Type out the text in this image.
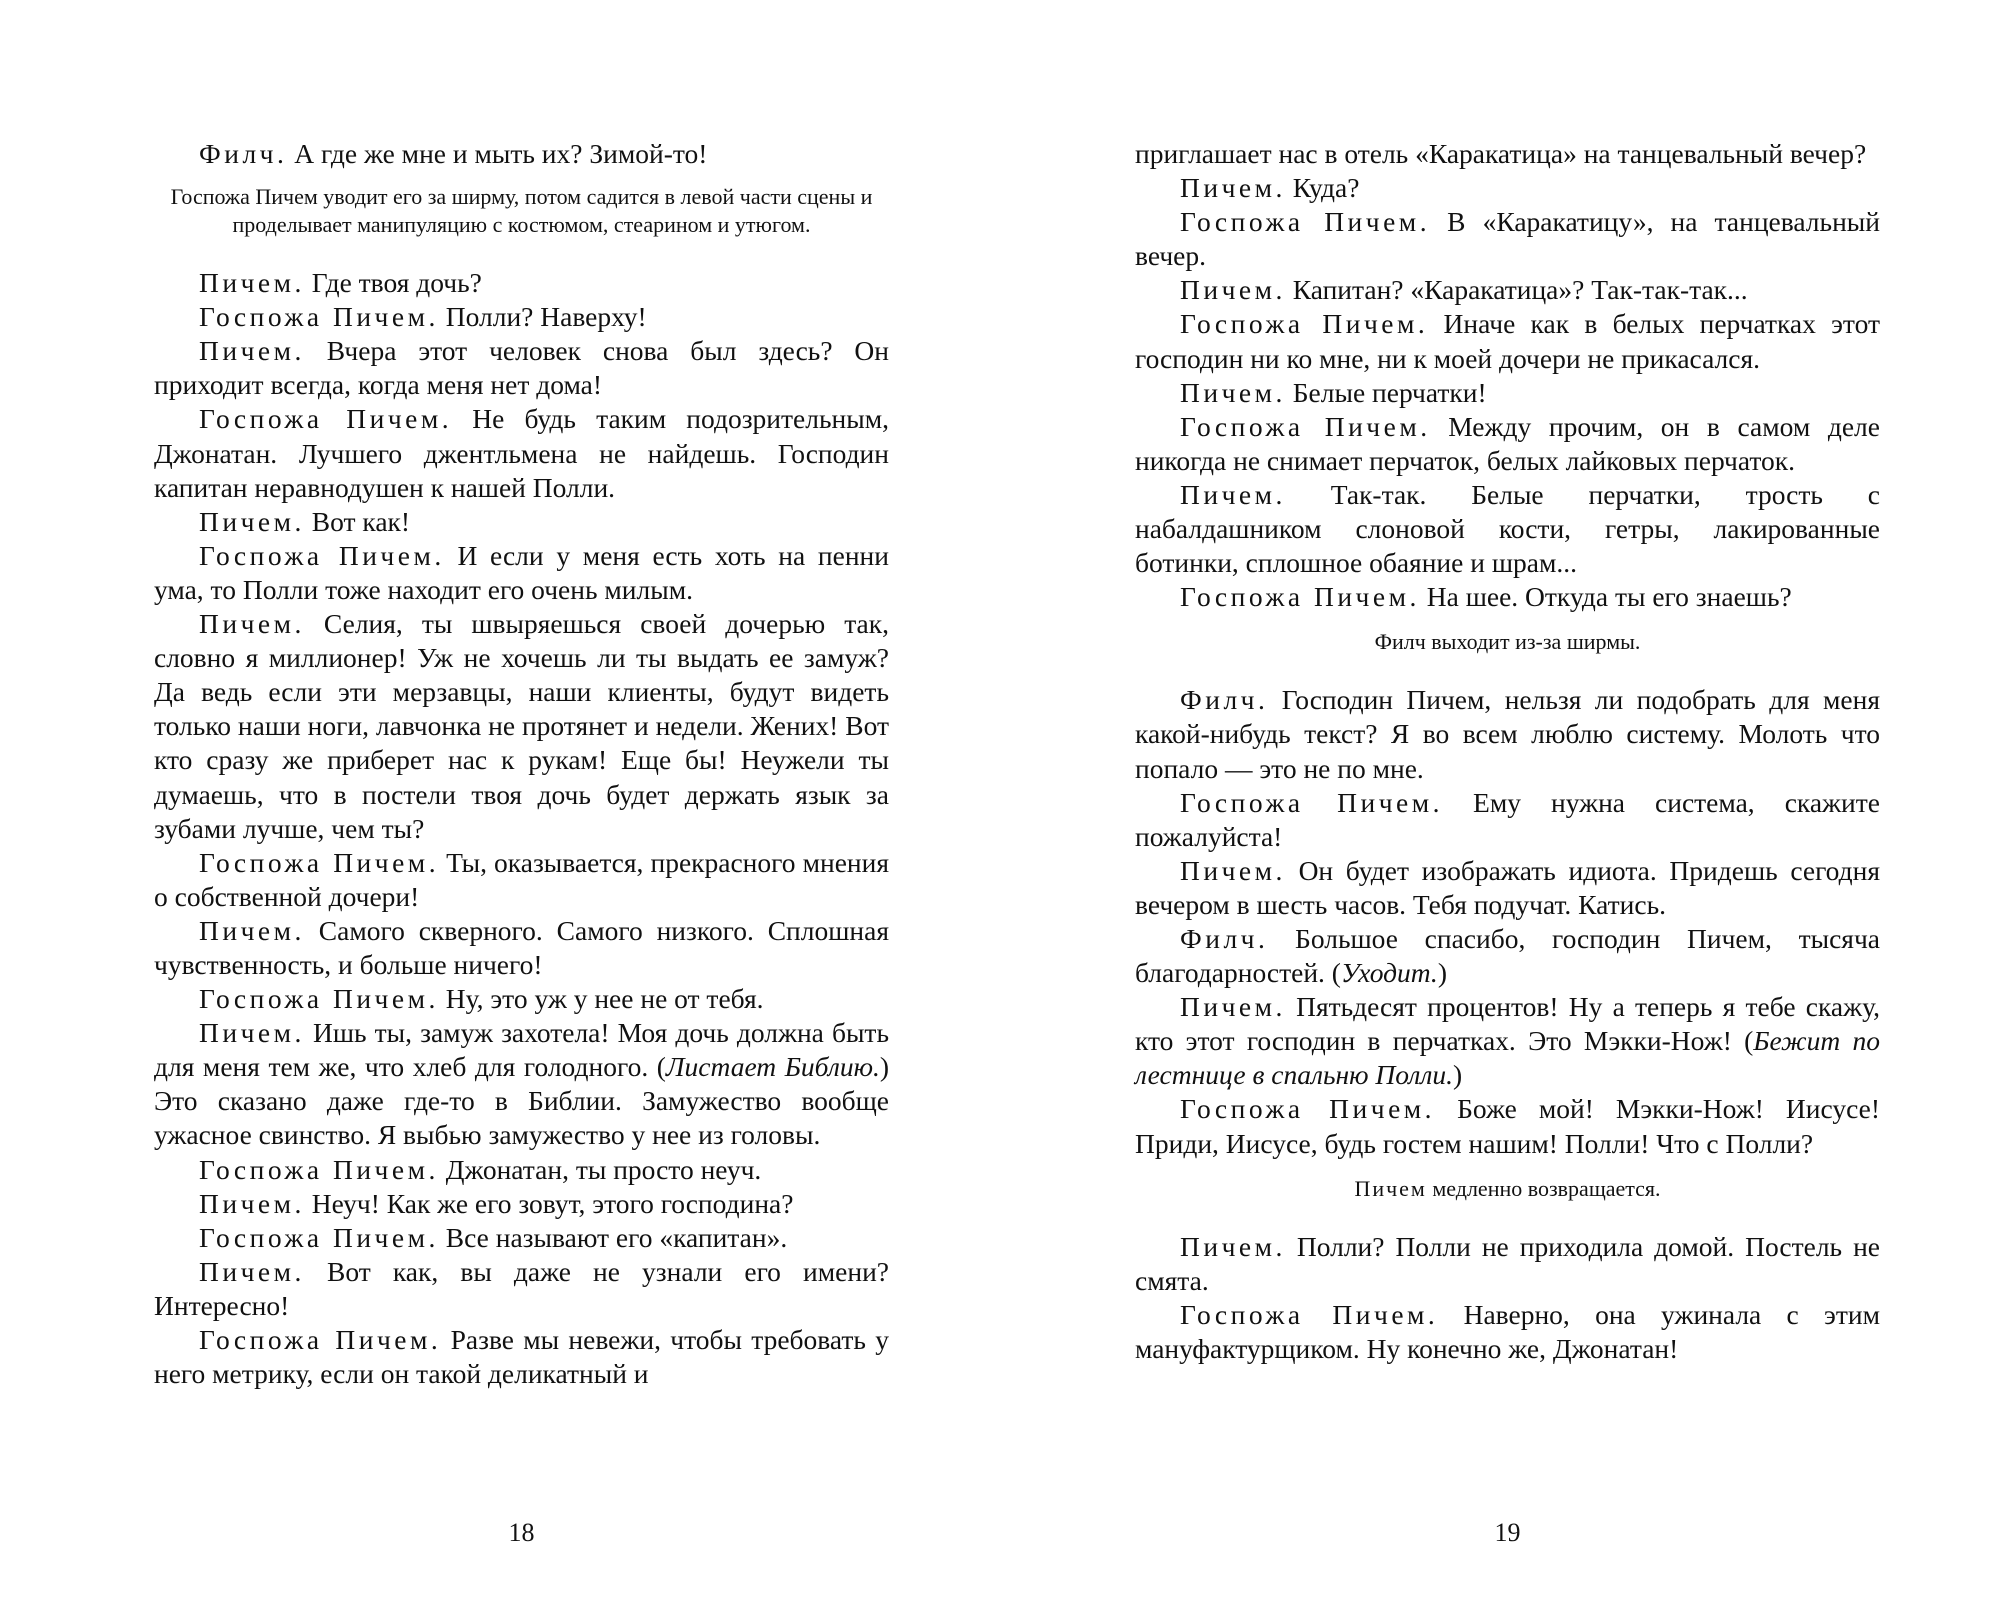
Филч. А где же мне и мыть их? Зимой-то!

Госпожа Пичем уводит его за ширму, потом садится в левой части сцены и проделывает манипуляцию с костюмом, стеарином и утюгом.

Пичем. Где твоя дочь?

Госпожа Пичем. Полли? Наверху!

Пичем. Вчера этот человек снова был здесь? Он приходит всегда, когда меня нет дома!

Госпожа Пичем. Не будь таким подозрительным, Джонатан. Лучшего джентльмена не найдешь. Господин капитан неравнодушен к нашей Полли.

Пичем. Вот как!

Госпожа Пичем. И если у меня есть хоть на пенни ума, то Полли тоже находит его очень милым.

Пичем. Селия, ты швыряешься своей дочерью так, словно я миллионер! Уж не хочешь ли ты выдать ее замуж? Да ведь если эти мерзавцы, наши клиенты, будут видеть только наши ноги, лавчонка не протянет и недели. Жених! Вот кто сразу же приберет нас к рукам! Еще бы! Неужели ты думаешь, что в постели твоя дочь будет держать язык за зубами лучше, чем ты?

Госпожа Пичем. Ты, оказывается, прекрасного мнения о собственной дочери!

Пичем. Самого скверного. Самого низкого. Сплошная чувственность, и больше ничего!

Госпожа Пичем. Ну, это уж у нее не от тебя.

Пичем. Ишь ты, замуж захотела! Моя дочь должна быть для меня тем же, что хлеб для голодного. (Листает Библию.) Это сказано даже где-то в Библии. Замужество вообще ужасное свинство. Я выбью замужество у нее из головы.

Госпожа Пичем. Джонатан, ты просто неуч.

Пичем. Неуч! Как же его зовут, этого господина?

Госпожа Пичем. Все называют его «капитан».

Пичем. Вот как, вы даже не узнали его имени? Интересно!

Госпожа Пичем. Разве мы невежи, чтобы требовать у него метрику, если он такой деликатный и

18

приглашает нас в отель «Каракатица» на танцевальный вечер?

Пичем. Куда?

Госпожа Пичем. В «Каракатицу», на танцевальный вечер.

Пичем. Капитан? «Каракатица»? Так-так-так...

Госпожа Пичем. Иначе как в белых перчатках этот господин ни ко мне, ни к моей дочери не прикасался.

Пичем. Белые перчатки!

Госпожа Пичем. Между прочим, он в самом деле никогда не снимает перчаток, белых лайковых перчаток.

Пичем. Так-так. Белые перчатки, трость с набалдашником слоновой кости, гетры, лакированные ботинки, сплошное обаяние и шрам...

Госпожа Пичем. На шее. Откуда ты его знаешь?

Филч выходит из-за ширмы.

Филч. Господин Пичем, нельзя ли подобрать для меня какой-нибудь текст? Я во всем люблю систему. Молоть что попало — это не по мне.

Госпожа Пичем. Ему нужна система, скажите пожалуйста!

Пичем. Он будет изображать идиота. Придешь сегодня вечером в шесть часов. Тебя подучат. Катись.

Филч. Большое спасибо, господин Пичем, тысяча благодарностей. (Уходит.)

Пичем. Пятьдесят процентов! Ну а теперь я тебе скажу, кто этот господин в перчатках. Это Мэкки-Нож! (Бежит по лестнице в спальню Полли.)

Госпожа Пичем. Боже мой! Мэкки-Нож! Иисусе! Приди, Иисусе, будь гостем нашим! Полли! Что с Полли?

Пичем медленно возвращается.

Пичем. Полли? Полли не приходила домой. Постель не смята.

Госпожа Пичем. Наверно, она ужинала с этим мануфактурщиком. Ну конечно же, Джонатан!

19
